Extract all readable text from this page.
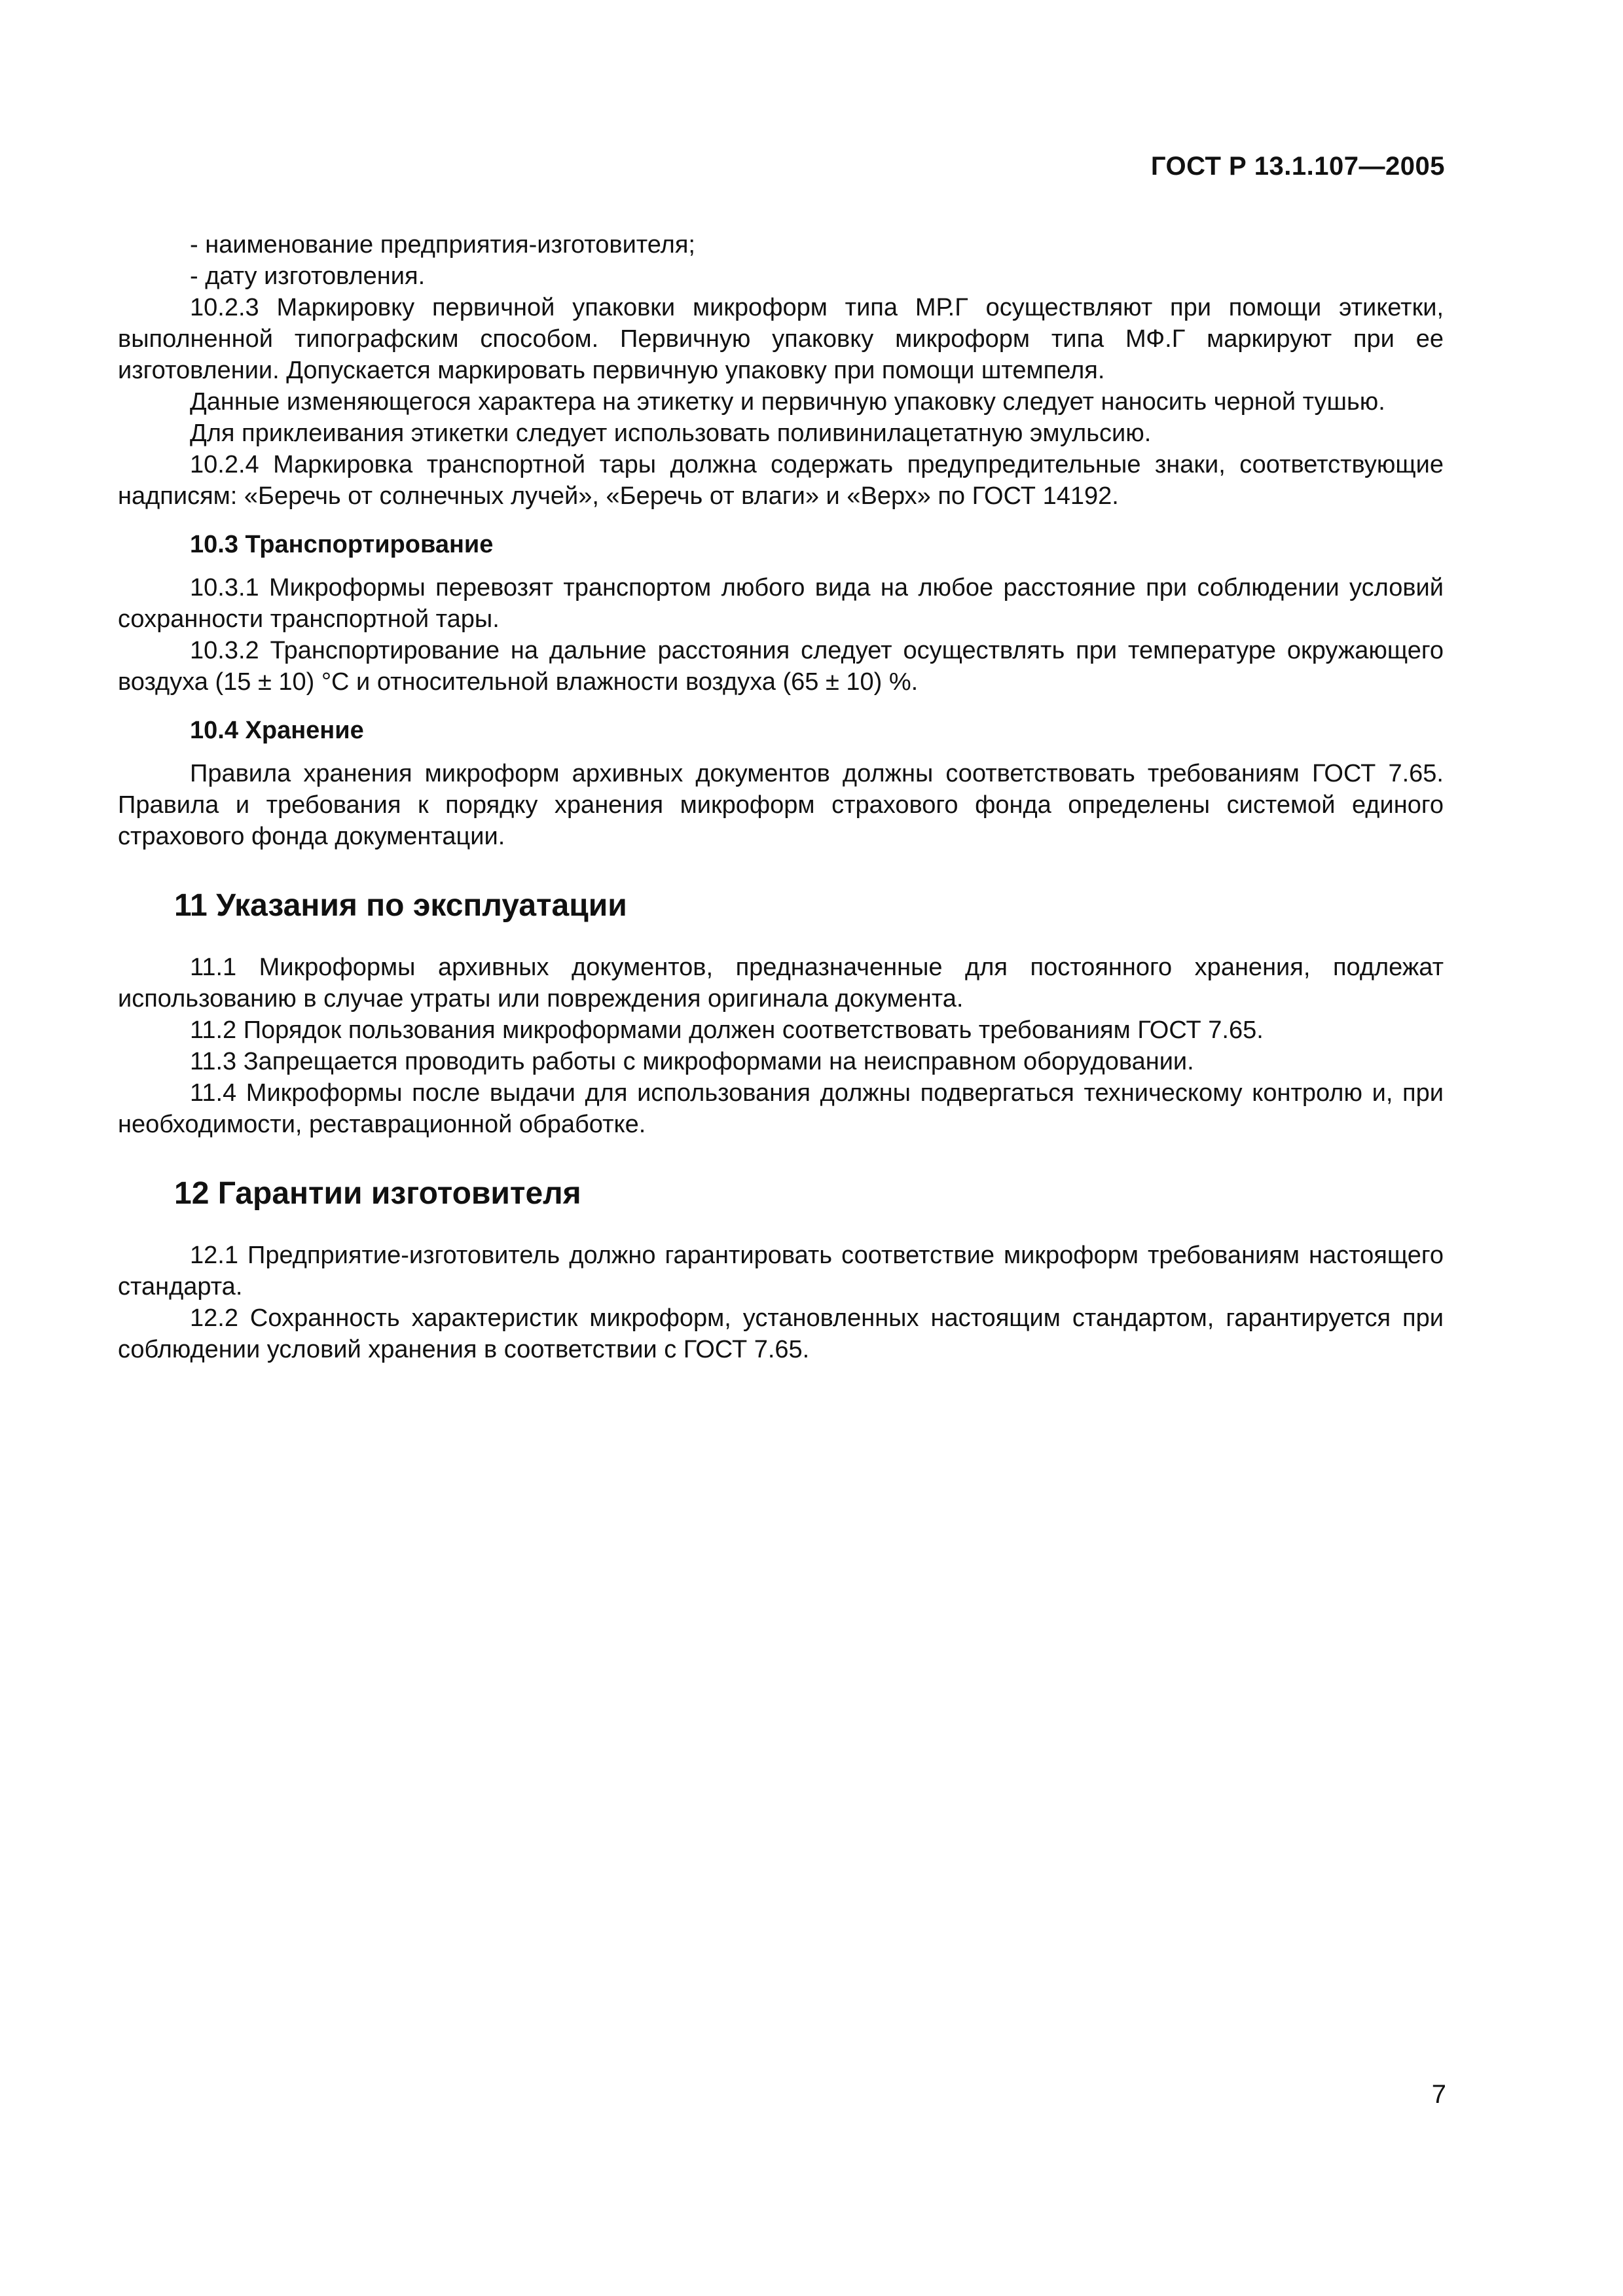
ГОСТ Р 13.1.107—2005

- наименование предприятия-изготовителя;

- дату изготовления.

10.2.3 Маркировку первичной упаковки микроформ типа МР.Г осуществляют при помощи этикетки, выполненной типографским способом. Первичную упаковку микроформ типа МФ.Г маркируют при ее изготовлении. Допускается маркировать первичную упаковку при помощи штемпеля.

Данные изменяющегося характера на этикетку и первичную упаковку следует наносить черной тушью.

Для приклеивания этикетки следует использовать поливинилацетатную эмульсию.

10.2.4 Маркировка транспортной тары должна содержать предупредительные знаки, соответствующие надписям: «Беречь от солнечных лучей», «Беречь от влаги» и «Верх» по ГОСТ 14192.

10.3 Транспортирование

10.3.1 Микроформы перевозят транспортом любого вида на любое расстояние при соблюдении условий сохранности транспортной тары.

10.3.2 Транспортирование на дальние расстояния следует осуществлять при температуре окружающего воздуха (15 ± 10) °С и относительной влажности воздуха (65 ± 10) %.

10.4 Хранение

Правила хранения микроформ архивных документов должны соответствовать требованиям ГОСТ 7.65. Правила и требования к порядку хранения микроформ страхового фонда определены системой единого страхового фонда документации.

11 Указания по эксплуатации

11.1 Микроформы архивных документов, предназначенные для постоянного хранения, подлежат использованию в случае утраты или повреждения оригинала документа.

11.2 Порядок пользования микроформами должен соответствовать требованиям ГОСТ 7.65.

11.3 Запрещается проводить работы с микроформами на неисправном оборудовании.

11.4 Микроформы после выдачи для использования должны подвергаться техническому контролю и, при необходимости, реставрационной обработке.

12 Гарантии изготовителя

12.1 Предприятие-изготовитель должно гарантировать соответствие микроформ требованиям настоящего стандарта.

12.2 Сохранность характеристик микроформ, установленных настоящим стандартом, гарантируется при соблюдении условий хранения в соответствии с ГОСТ 7.65.

7
